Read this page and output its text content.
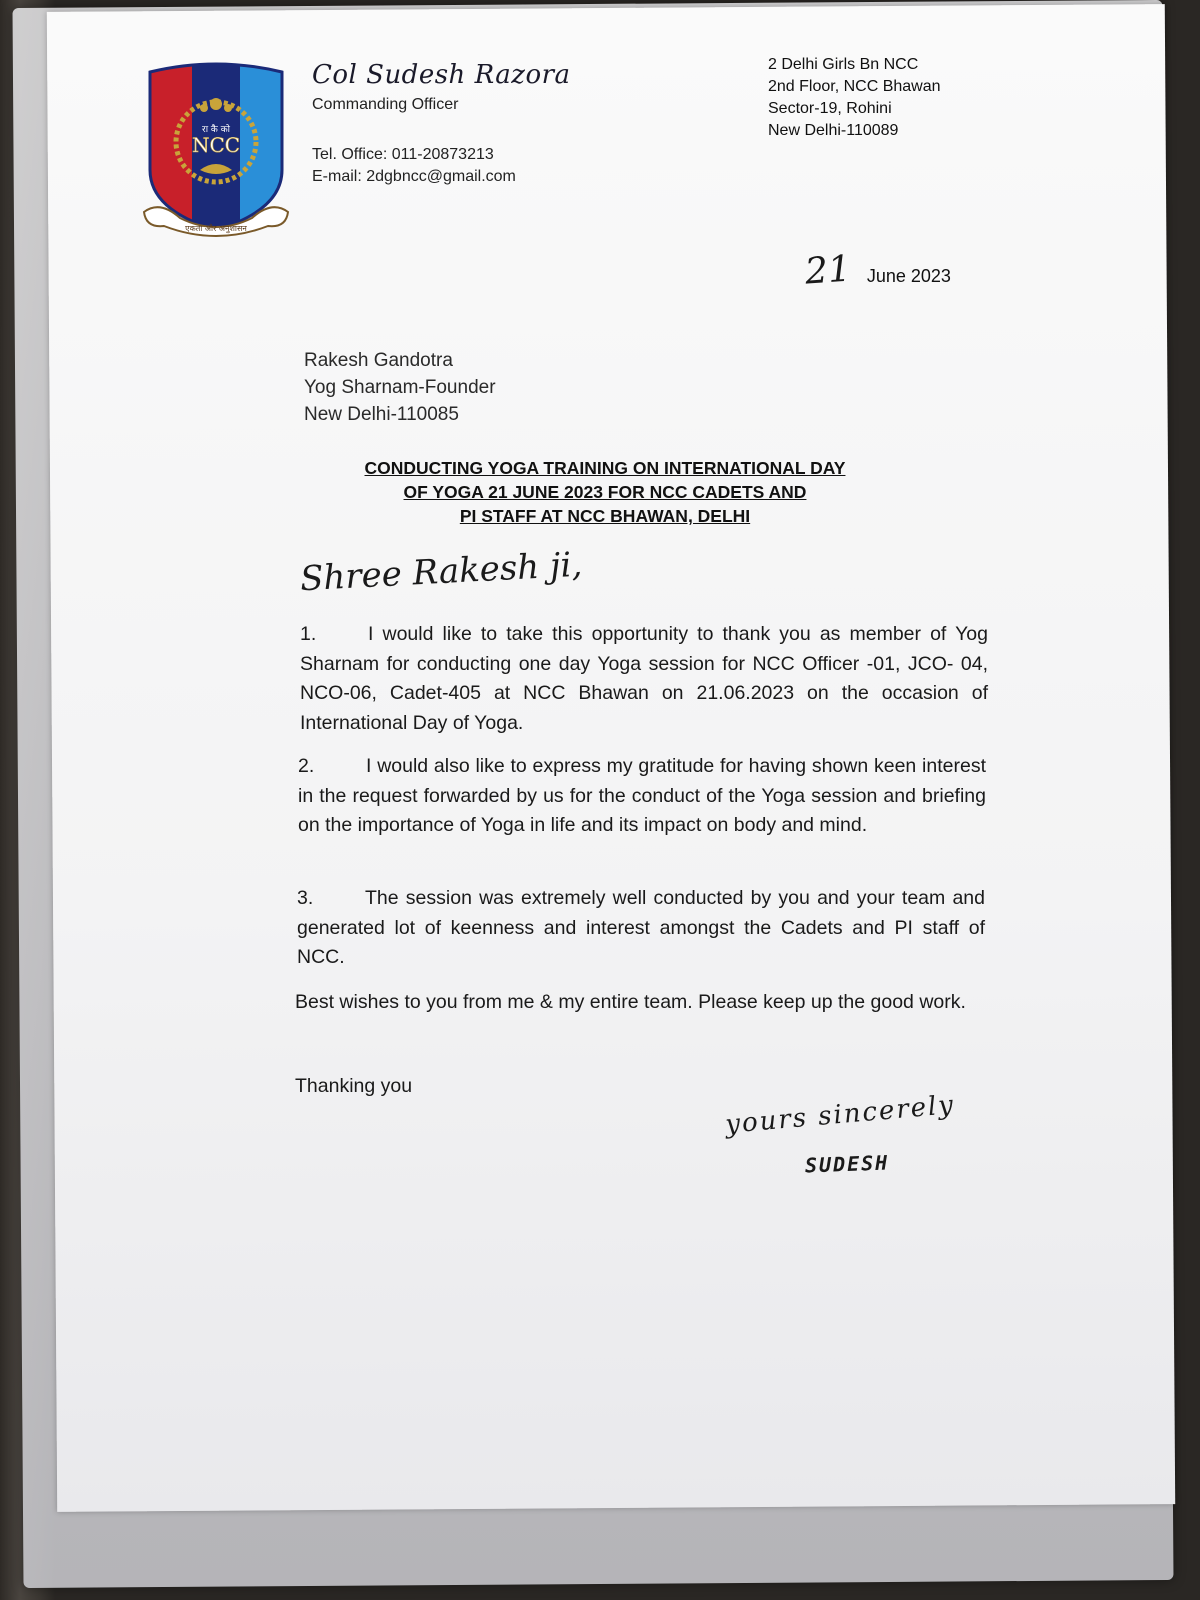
रा कै को
NCC
एकता और अनुशासन
Col Sudesh Razora
Commanding Officer
Tel. Office: 011-20873213
E-mail: 2dgbncc@gmail.com
2 Delhi Girls Bn NCC
2nd Floor, NCC Bhawan
Sector-19, Rohini
New Delhi-110089
21 June 2023
Rakesh Gandotra
Yog Sharnam-Founder
New Delhi-110085
CONDUCTING YOGA TRAINING ON INTERNATIONAL DAY
OF YOGA 21 JUNE 2023 FOR NCC CADETS AND
PI STAFF AT NCC BHAWAN, DELHI
Shree Rakesh ji,
1.	I would like to take this opportunity to thank you as member of Yog Sharnam for conducting one day Yoga session for NCC Officer -01, JCO- 04, NCO-06, Cadet-405 at NCC Bhawan on 21.06.2023 on the occasion of International Day of Yoga.
2.	I would also like to express my gratitude for having shown keen interest in the request forwarded by us for the conduct of the Yoga session and briefing on the importance of Yoga in life and its impact on body and mind.
3.	The session was extremely well conducted by you and your team and generated lot of keenness and interest amongst the Cadets and PI staff of NCC.
Best wishes to you from me & my entire team. Please keep up the good work.
Thanking you
yours sincerely
SUDESH
